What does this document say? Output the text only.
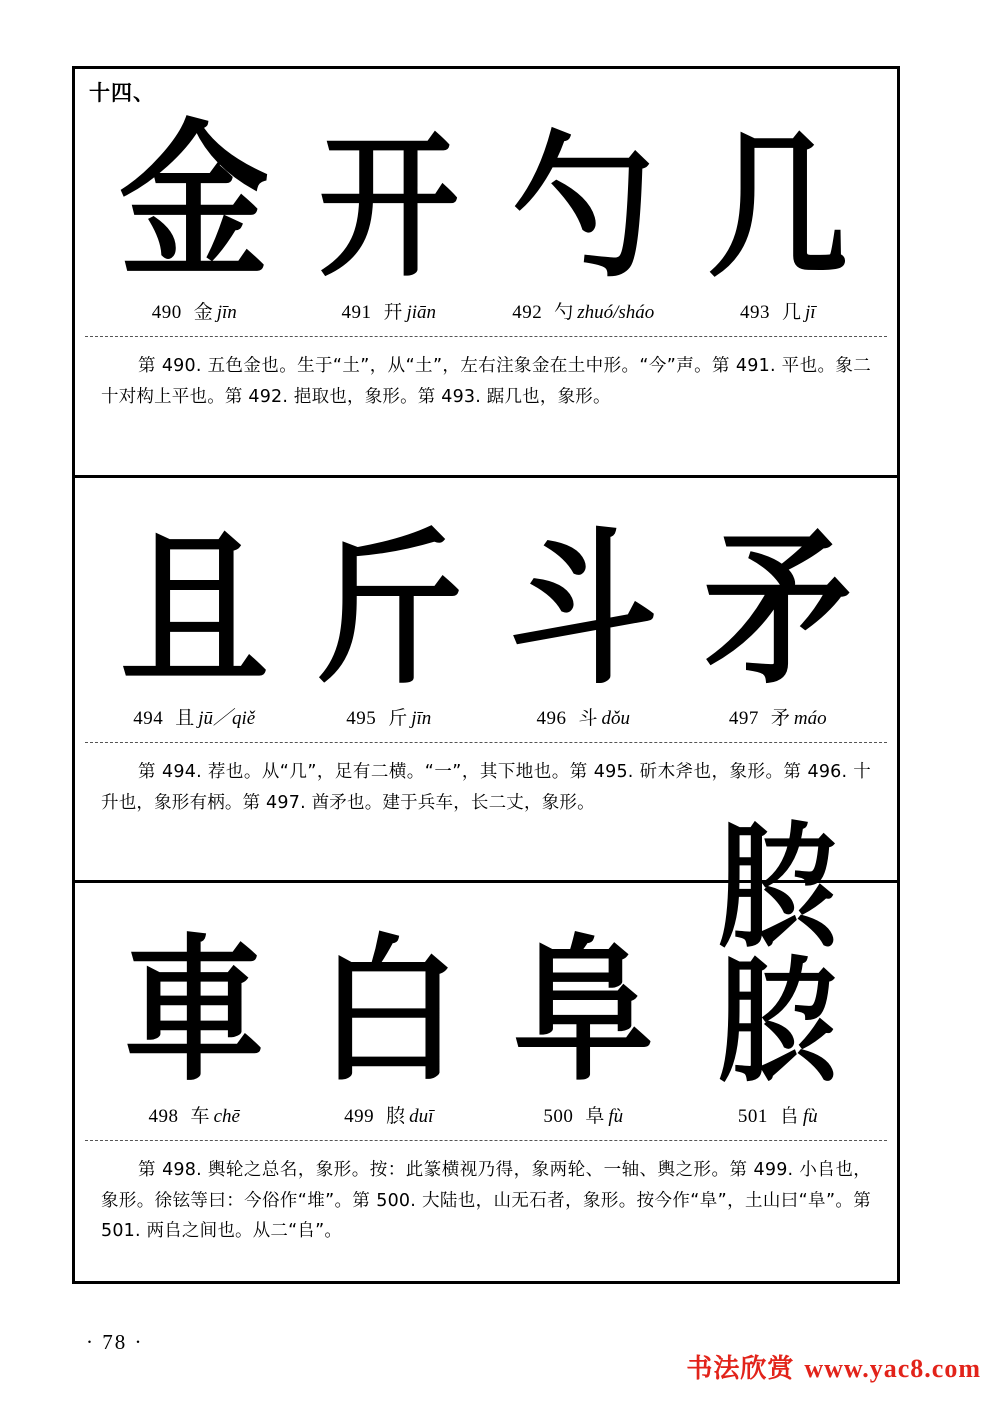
十四、
金 开 勺 几
490 金 jīn	491 幵 jiān	492 勺 zhuó/sháo	493 几 jī
第 490. 五色金也。生于“土”，从“土”，左右注象金在土中形。“今”声。第 491. 平也。象二十对构上平也。第 492. 挹取也，象形。第 493. 踞几也，象形。
且 斤 斗 矛
494 且 jū／qiě	495 斤 jīn	496 斗 dǒu	497 矛 máo
第 494. 荐也。从“几”，足有二横。“一”，其下地也。第 495. 斫木斧也，象形。第 496. 十升也，象形有柄。第 497. 酋矛也。建于兵车，长二丈，象形。
車 白 阜
䏮䏮
498 车 chē	499 䏮 duī	500 阜 fù	501 𠂤 fù
第 498. 輿轮之总名，象形。按：此篆横视乃得，象两轮、一轴、輿之形。第 499. 小𠂤也，象形。徐铉等曰：今俗作“堆”。第 500. 大陆也，山无石者，象形。按今作“阜”，土山曰“阜”。第 501. 两𠂤之间也。从二“𠂤”。
· 78 ·
书法欣赏 www.yac8.com
